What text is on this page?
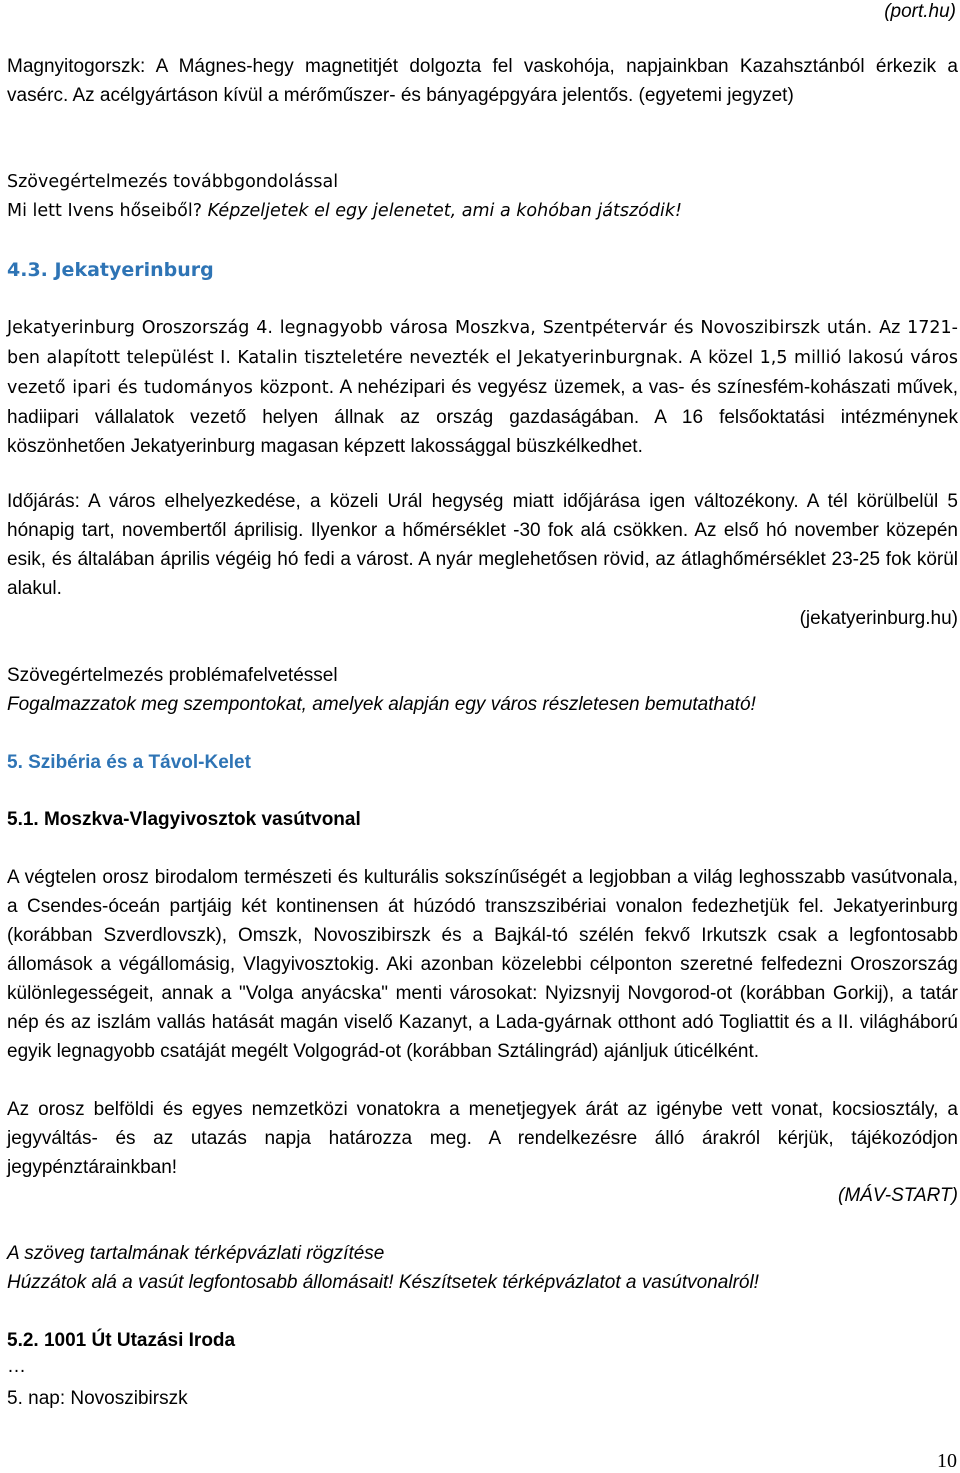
(port.hu)

Magnyitogorszk: A Mágnes-hegy magnetitjét dolgozta fel vaskohója, napjainkban Kazahsztánból érkezik a vasérc. Az acélgyártáson kívül a mérőműszer- és bányagépgyára jelentős. (egyetemi jegyzet)

Szövegértelmezés továbbgondolással

Mi lett Ivens hőseiből? Képzeljetek el egy jelenetet, ami a kohóban játszódik!

4.3. Jekatyerinburg

Jekatyerinburg Oroszország 4. legnagyobb városa Moszkva, Szentpétervár és Novoszibirszk után. Az 1721-ben alapított települést I. Katalin tiszteletére nevezték el Jekatyerinburgnak. A közel 1,5 millió lakosú város vezető ipari és tudományos központ. A nehézipari és vegyész üzemek, a vas- és színesfém-kohászati művek, hadiipari vállalatok vezető helyen állnak az ország gazdaságában. A 16 felsőoktatási intézménynek köszönhetően Jekatyerinburg magasan képzett lakossággal büszkélkedhet.

Időjárás: A város elhelyezkedése, a közeli Urál hegység miatt időjárása igen változékony. A tél körülbelül 5 hónapig tart, novembertől áprilisig. Ilyenkor a hőmérséklet -30 fok alá csökken. Az első hó november közepén esik, és általában április végéig hó fedi a várost. A nyár meglehetősen rövid, az átlaghőmérséklet 23-25 fok körül alakul.

(jekatyerinburg.hu)

Szövegértelmezés problémafelvetéssel

Fogalmazzatok meg szempontokat, amelyek alapján egy város részletesen bemutatható!

5. Szibéria és a Távol-Kelet

5.1. Moszkva-Vlagyivosztok vasútvonal

A végtelen orosz birodalom természeti és kulturális sokszínűségét a legjobban a világ leghosszabb vasútvonala, a Csendes-óceán partjáig két kontinensen át húzódó transzszibériai vonalon fedezhetjük fel. Jekatyerinburg (korábban Szverdlovszk), Omszk, Novoszibirszk és a Bajkál-tó szélén fekvő Irkutszk csak a legfontosabb állomások a végállomásig, Vlagyivosztokig. Aki azonban közelebbi célponton szeretné felfedezni Oroszország különlegességeit, annak a "Volga anyácska" menti városokat: Nyizsnyij Novgorod-ot (korábban Gorkij), a tatár nép és az iszlám vallás hatását magán viselő Kazanyt, a Lada-gyárnak otthont adó Togliattit és a II. világháború egyik legnagyobb csatáját megélt Volgográd-ot (korábban Sztálingrád) ajánljuk úticélként.

Az orosz belföldi és egyes nemzetközi vonatokra a menetjegyek árát az igénybe vett vonat, kocsiosztály, a jegyváltás- és az utazás napja határozza meg. A rendelkezésre álló árakról kérjük, tájékozódjon jegypénztárainkban!

(MÁV-START)

A szöveg tartalmának térképvázlati rögzítése

Húzzátok alá a vasút legfontosabb állomásait! Készítsetek térképvázlatot a vasútvonalról!

5.2. 1001 Út Utazási Iroda

…

5. nap: Novoszibirszk

10
